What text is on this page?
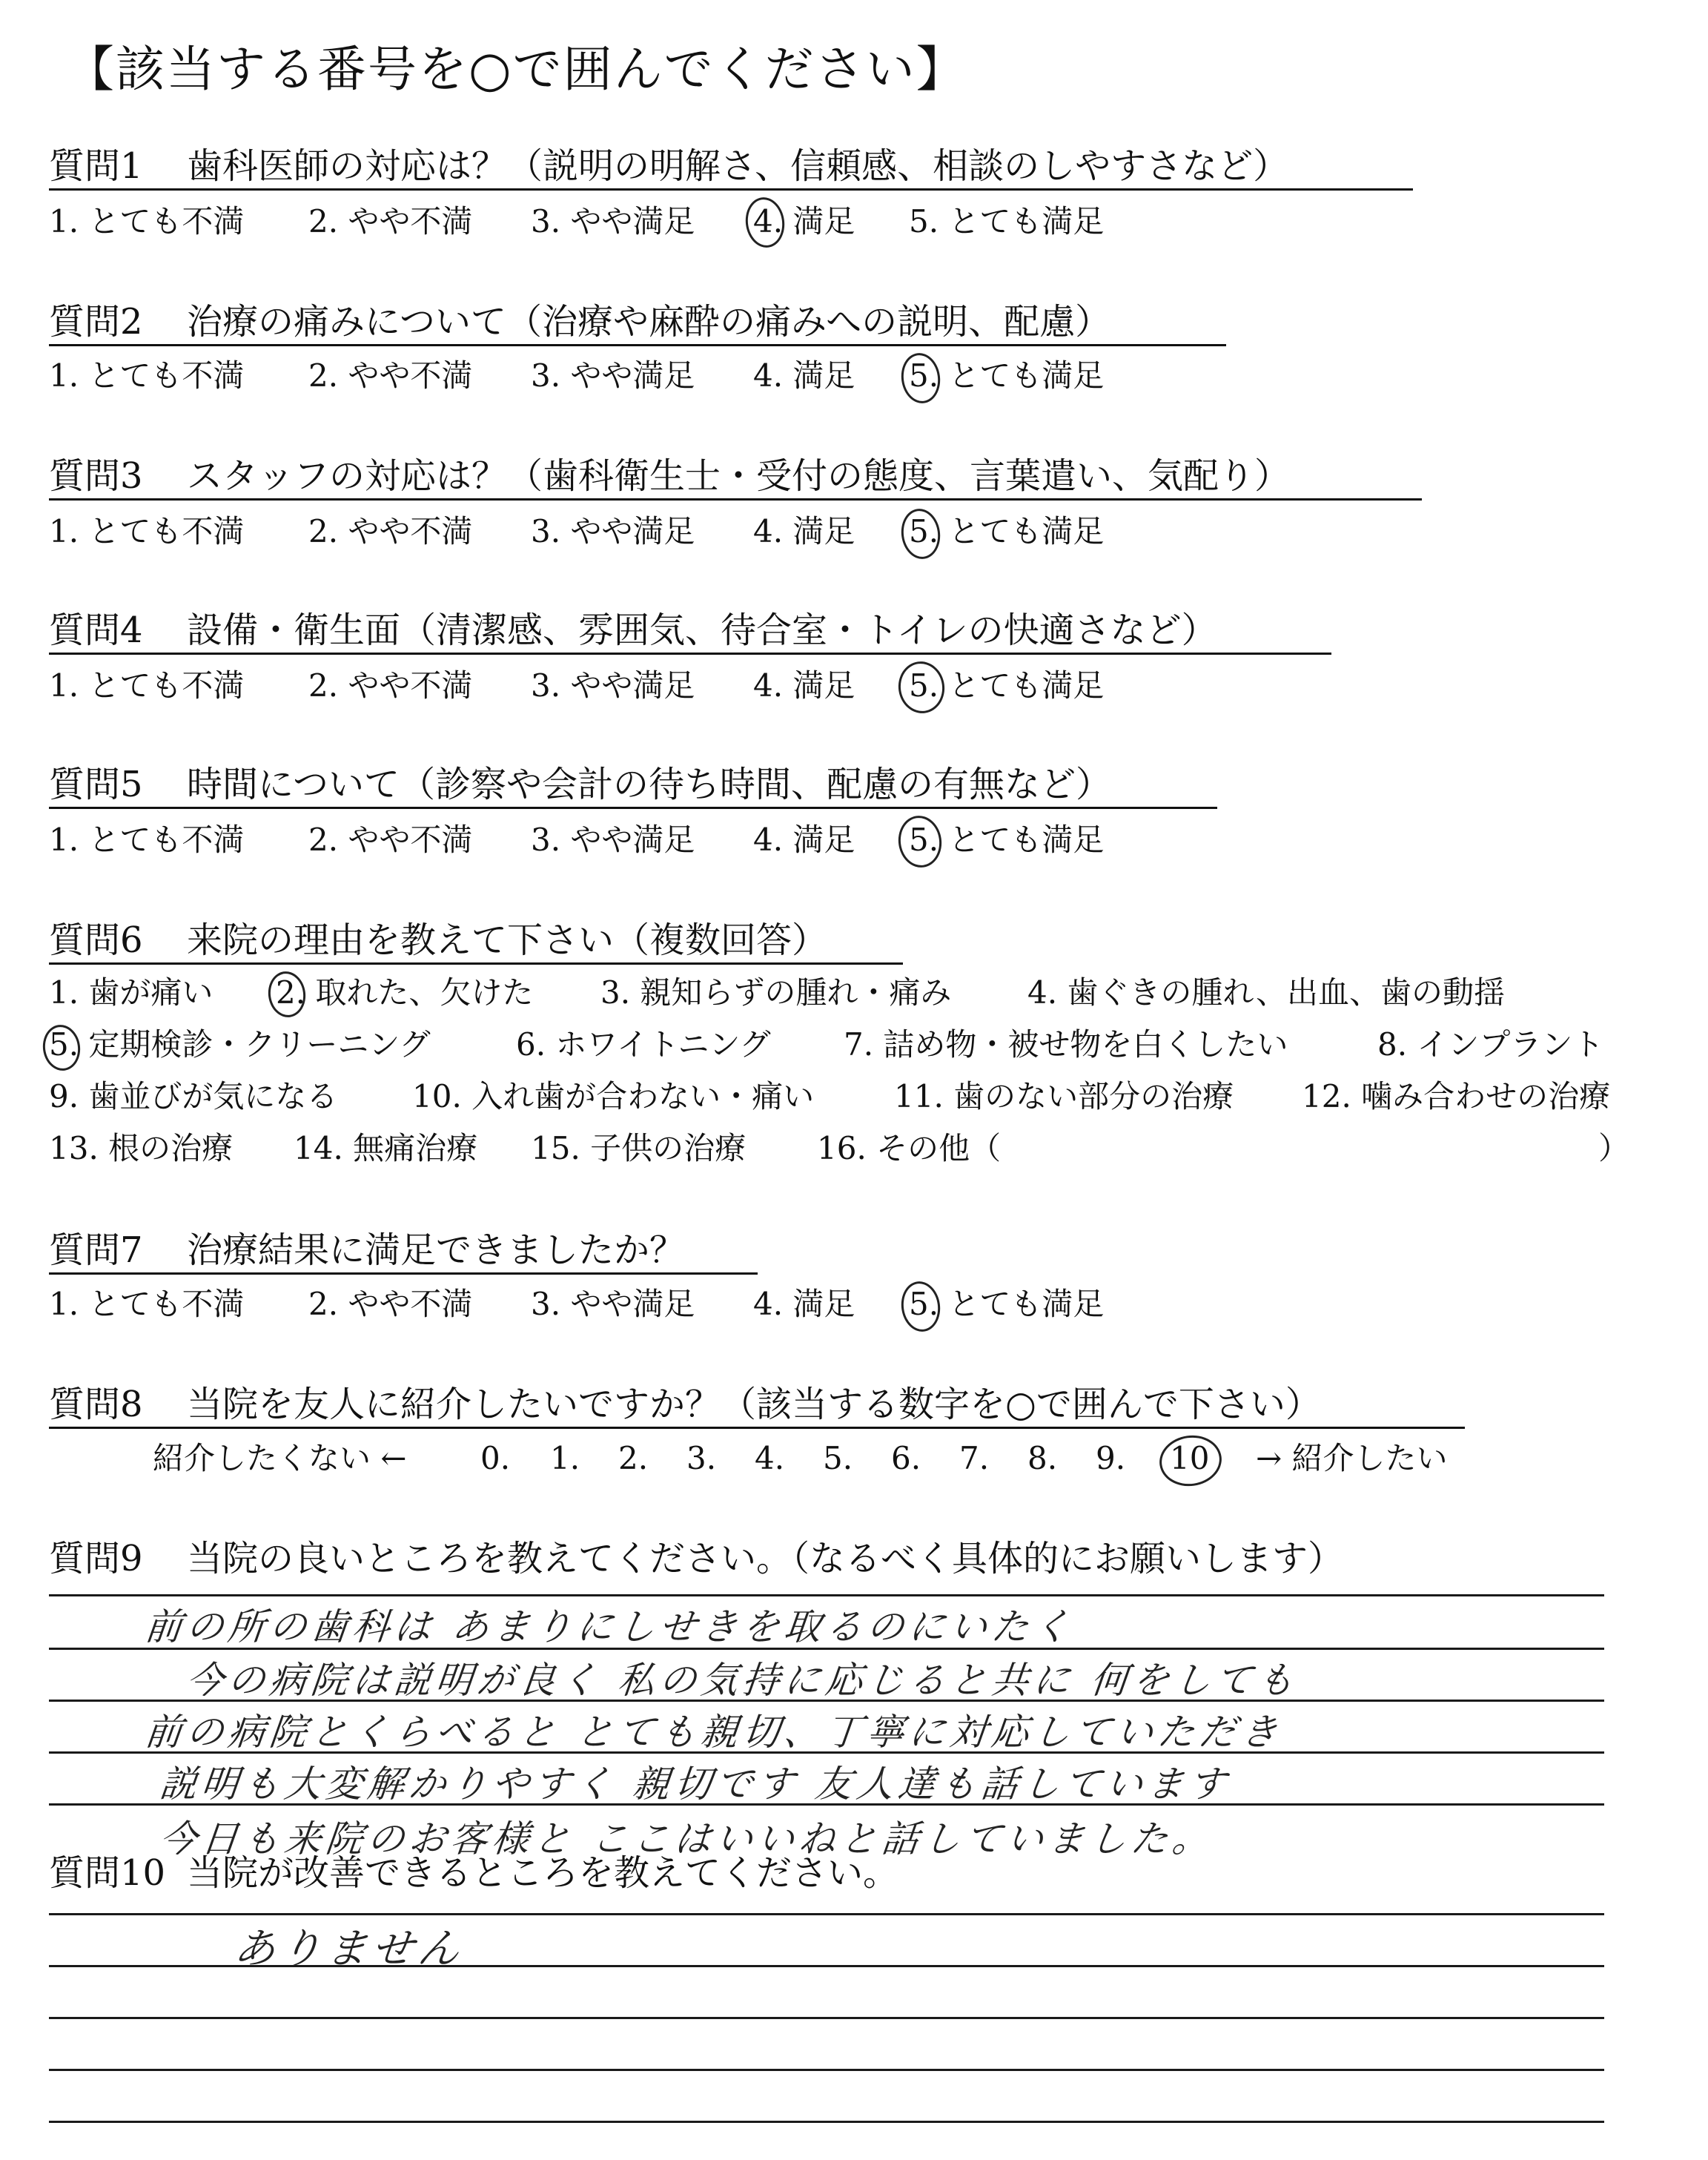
【該当する番号を○で囲んでください】
質問1 歯科医師の対応は？（説明の明解さ、信頼感、相談のしやすさなど）
1. とても不満 2. やや不満 3. やや満足 4. 満足 5. とても満足
質問2 治療の痛みについて（治療や麻酔の痛みへの説明、配慮）
1. とても不満 2. やや不満 3. やや満足 4. 満足 5. とても満足
質問3 スタッフの対応は？（歯科衛生士・受付の態度、言葉遣い、気配り）
1. とても不満 2. やや不満 3. やや満足 4. 満足 5. とても満足
質問4 設備・衛生面（清潔感、雰囲気、待合室・トイレの快適さなど）
1. とても不満 2. やや不満 3. やや満足 4. 満足 5. とても満足
質問5 時間について（診察や会計の待ち時間、配慮の有無など）
1. とても不満 2. やや不満 3. やや満足 4. 満足 5. とても満足
質問6 来院の理由を教えて下さい（複数回答）
1. 歯が痛い 2. 取れた、欠けた 3. 親知らずの腫れ・痛み 4. 歯ぐきの腫れ、出血、歯の動揺
5. 定期検診・クリーニング	6. ホワイトニング 7. 詰め物・被せ物を白くしたい	8. インプラント
9. 歯並びが気になる 10. 入れ歯が合わない・痛い	11. 歯のない部分の治療 12. 噛み合わせの治療
13. 根の治療 14. 無痛治療 15. 子供の治療 16. その他（	）
質問7 治療結果に満足できましたか？
1. とても不満 2. やや不満 3. やや満足 4. 満足 5. とても満足
質問8 当院を友人に紹介したいですか？（該当する数字を○で囲んで下さい）
紹介したくない ← 0. 1. 2. 3. 4. 5. 6. 7. 8. 9. 10 → 紹介したい
質問9 当院の良いところを教えてください。（なるべく具体的にお願いします）
前の所の歯科は あまりにしせきを取るのにいたく
今の病院は説明が良く 私の気持に応じると共に 何をしても
前の病院とくらべると とても親切、丁寧に対応していただき
説明も大変解かりやすく 親切です 友人達も話しています
今日も来院のお客様と ここはいいねと話していました。
質問10 当院が改善できるところを教えてください。
ありません
